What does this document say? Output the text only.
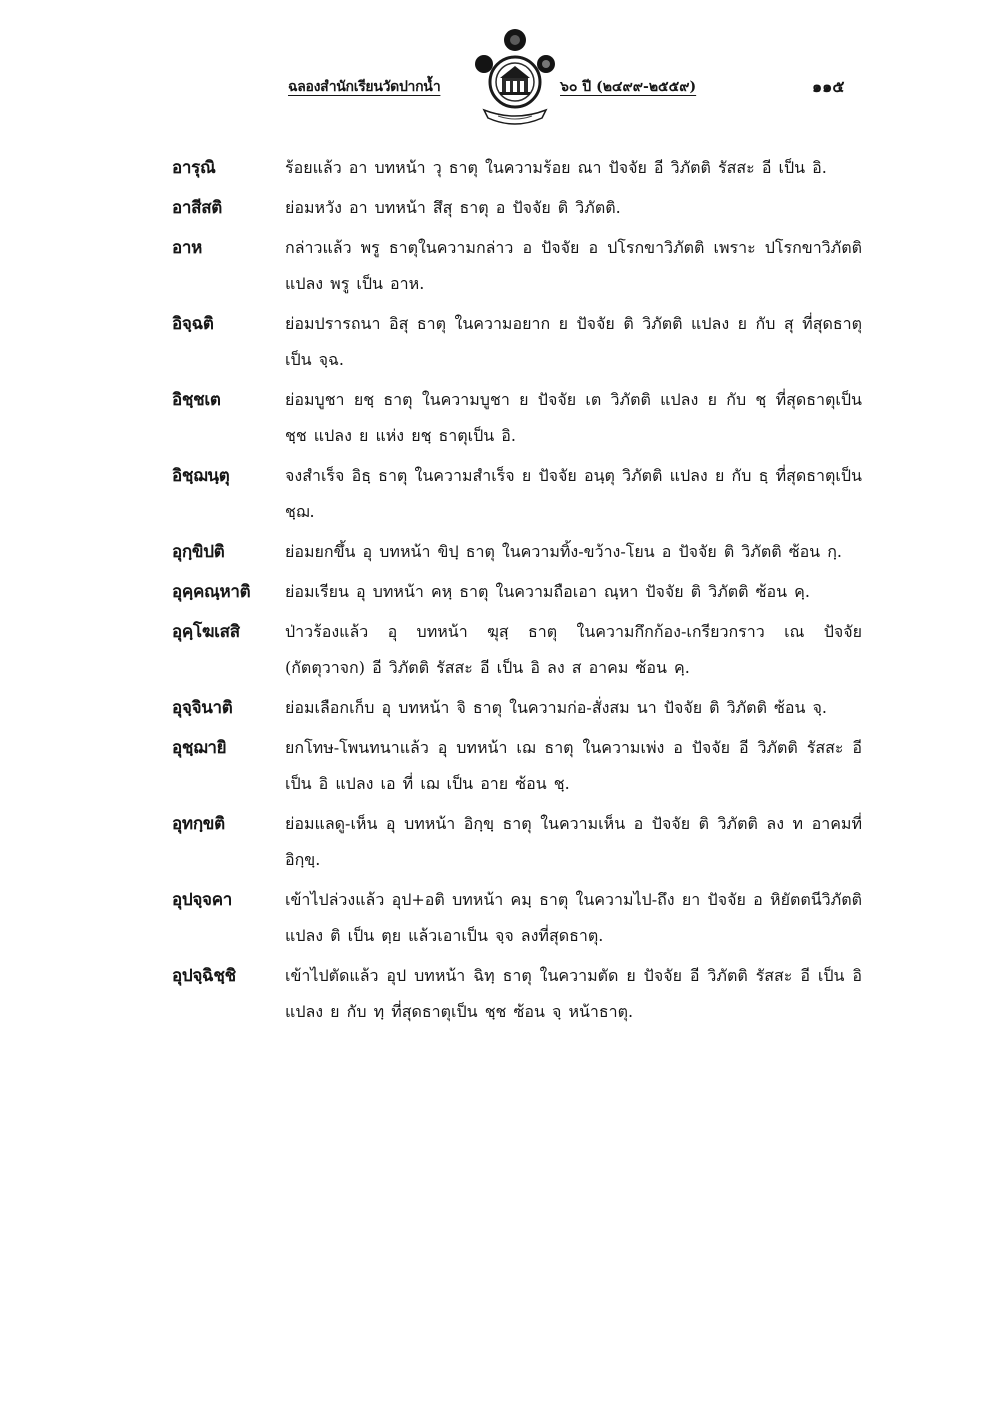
ฉลองสำนักเรียนวัดปากน้ำ	๖๐ ปี (๒๔๙๙-๒๕๕๙)	๑๑๕
อารุณิ	ร้อยแล้ว อา บทหน้า วุ ธาตุ ในความร้อย ณา ปัจจัย อี วิภัตติ รัสสะ อี เป็น อิ.
อาสีสติ	ย่อมหวัง อา บทหน้า สึสุ ธาตุ อ ปัจจัย ติ วิภัตติ.
อาห	กล่าวแล้ว พรู ธาตุในความกล่าว อ ปัจจัย อ ปโรกขาวิภัตติ เพราะ ปโรกขาวิภัตติ แปลง พรู เป็น อาห.
อิจฺฉติ	ย่อมปรารถนา อิสุ ธาตุ ในความอยาก ย ปัจจัย ติ วิภัตติ แปลง ย กับ สุ ที่สุดธาตุเป็น จฺฉ.
อิชฺชเต	ย่อมบูชา ยชฺ ธาตุ ในความบูชา ย ปัจจัย เต วิภัตติ แปลง ย กับ ชฺ ที่สุดธาตุเป็น ชฺช แปลง ย แห่ง ยชฺ ธาตุเป็น อิ.
อิชฺฌนฺตุ	จงสำเร็จ อิธฺ ธาตุ ในความสำเร็จ ย ปัจจัย อนฺตุ วิภัตติ แปลง ย กับ ธฺ ที่สุดธาตุเป็น ชฺฌ.
อุกฺขิปติ	ย่อมยกขึ้น อุ บทหน้า ขิปฺ ธาตุ ในความทิ้ง-ขว้าง-โยน อ ปัจจัย ติ วิภัตติ ซ้อน กฺ.
อุคฺคณฺหาติ	ย่อมเรียน อุ บทหน้า คหฺ ธาตุ ในความถือเอา ณฺหา ปัจจัย ติ วิภัตติ ซ้อน คฺ.
อุคฺโฆเสสิ	ป่าวร้องแล้ว อุ บทหน้า ฆุสฺ ธาตุ ในความกึกก้อง-เกรียวกราว เณ ปัจจัย (กัตตุวาจก) อี วิภัตติ รัสสะ อี เป็น อิ ลง ส อาคม ซ้อน คฺ.
อุจฺจินาติ	ย่อมเลือกเก็บ อุ บทหน้า จิ ธาตุ ในความก่อ-สั่งสม นา ปัจจัย ติ วิภัตติ ซ้อน จฺ.
อุชฺฌายิ	ยกโทษ-โพนทนาแล้ว อุ บทหน้า เฌ ธาตุ ในความเพ่ง อ ปัจจัย อี วิภัตติ รัสสะ อี เป็น อิ แปลง เอ ที่ เฌ เป็น อาย ซ้อน ชฺ.
อุทกฺขติ	ย่อมแลดู-เห็น อุ บทหน้า อิกฺขฺ ธาตุ ในความเห็น อ ปัจจัย ติ วิภัตติ ลง ท อาคมที่ อิกฺขฺ.
อุปจฺจคา	เข้าไปล่วงแล้ว อุป+อติ บทหน้า คมฺ ธาตุ ในความไป-ถึง ยา ปัจจัย อ หิยัตตนีวิภัตติ แปลง ติ เป็น ตฺย แล้วเอาเป็น จฺจ ลงที่สุดธาตุ.
อุปจฺฉิชฺชิ	เข้าไปตัดแล้ว อุป บทหน้า ฉิทฺ ธาตุ ในความตัด ย ปัจจัย อี วิภัตติ รัสสะ อี เป็น อิ แปลง ย กับ ทฺ ที่สุดธาตุเป็น ชฺช ซ้อน จฺ หน้าธาตุ.
